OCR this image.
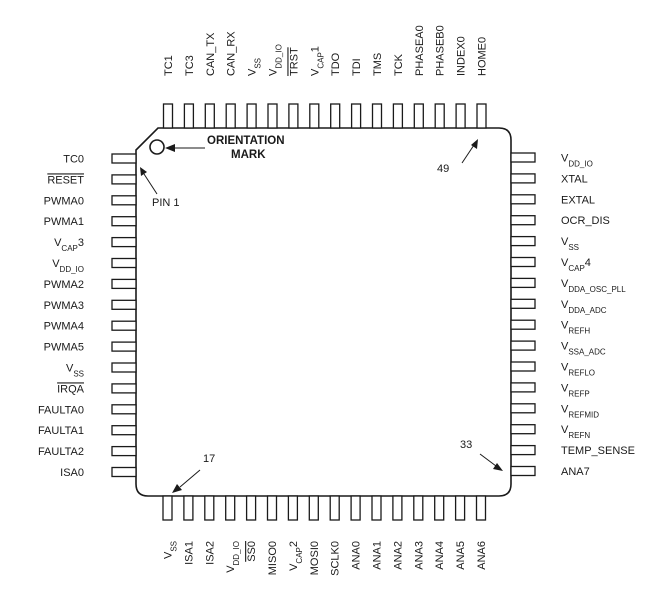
TC0
RESET
PWMA0
PWMA1
$V_{CAP}3$
$V_{DD\_IO}$
PWMA2
PWMA3
PWMA4
PWMA5
$V_{SS}$
IRQA
FAULTA0
FAULTA1
FAULTA2
ISA0	ANA7
TEMP_SENSE
$V_{REFN}$
$V_{REFMID}$
$V_{REFP}$
$V_{REFLO}$
$V_{SSA\_ADC}$
$V_{REFH}$
$V_{DDA\_ADC}$
$V_{DDA\_OSC\_PLL}$
$V_{CAP}4$
$V_{SS}$
OCR_DIS
EXTAL
XTAL
$V_{DD\_IO}$
HOME0
INDEX0
PHASEB0
PHASEA0
TCK
TMS
TDI
TDO
$V_{CAP}1$
TRST
$V_{DD\_IO}$
$V_{SS}$
CAN_RX
CAN_TX
TC3
TC1
$V_{SS}$ ISA1 ISA2
$V_{DD\_IO}$ SS0 MISO0 $V_{CAP}2$ MOSI0 SCLK0 ANA0 ANA1 ANA2 ANA3 ANA4 ANA5 ANA6
ORIENTATION
MARK
PIN 1
49
17
33
